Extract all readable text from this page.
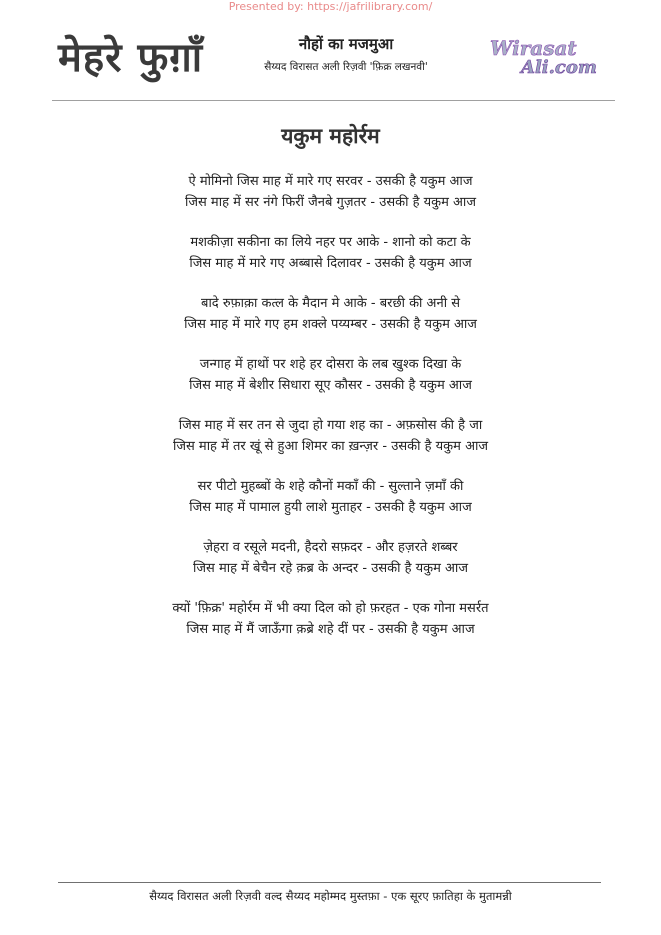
Presented by: https://jafrilibrary.com/
मेहरे फुग़ाँ	नौहों का मजमुआ
सैय्यद विरासत अली रिज़वी 'फ़िक्र लखनवी'
Wirasat
Ali.com
यकुम महोर्रम
ऐ मोमिनो जिस माह में मारे गए सरवर - उसकी है यकुम आज
जिस माह में सर नंगे फिरीं जैनबे गुज़तर - उसकी है यकुम आज
मशकीज़ा सकीना का लिये नहर पर आके - शानो को कटा के
जिस माह में मारे गए अब्बासे दिलावर - उसकी है यकुम आज
बादे रुफ़ाक़ा कत्ल के मैदान मे आके - बरछी की अनी से
जिस माह में मारे गए हम शक्ले पय्यम्बर - उसकी है यकुम आज
जन्गाह में हाथों पर शहे हर दोसरा के लब खुश्क दिखा के
जिस माह में बेशीर सिधारा सूए कौसर - उसकी है यकुम आज
जिस माह में सर तन से जुदा हो गया शह का - अफ़सोस की है जा
जिस माह में तर खूं से हुआ शिमर का ख़न्ज़र - उसकी है यकुम आज
सर पीटो मुहब्बों के शहे कौनों मकाँ की - सुल्ताने ज़माँ की
जिस माह में पामाल हुयी लाशे मुताहर - उसकी है यकुम आज
ज़ेहरा व रसूले मदनी, हैदरो सफ़दर - और हज़रते शब्बर
जिस माह में बेचैन रहे क़ब्र के अन्दर - उसकी है यकुम आज
क्यों 'फ़िक्र' महोर्रम में भी क्या दिल को हो फ़रहत - एक गोना मसर्रत
जिस माह में मैं जाऊँगा क़ब्रे शहे दीं पर - उसकी है यकुम आज
सैय्यद विरासत अली रिज़वी वल्द सैय्यद महोम्मद मुस्तफ़ा - एक सूरए फ़ातिहा के मुतामन्नी
